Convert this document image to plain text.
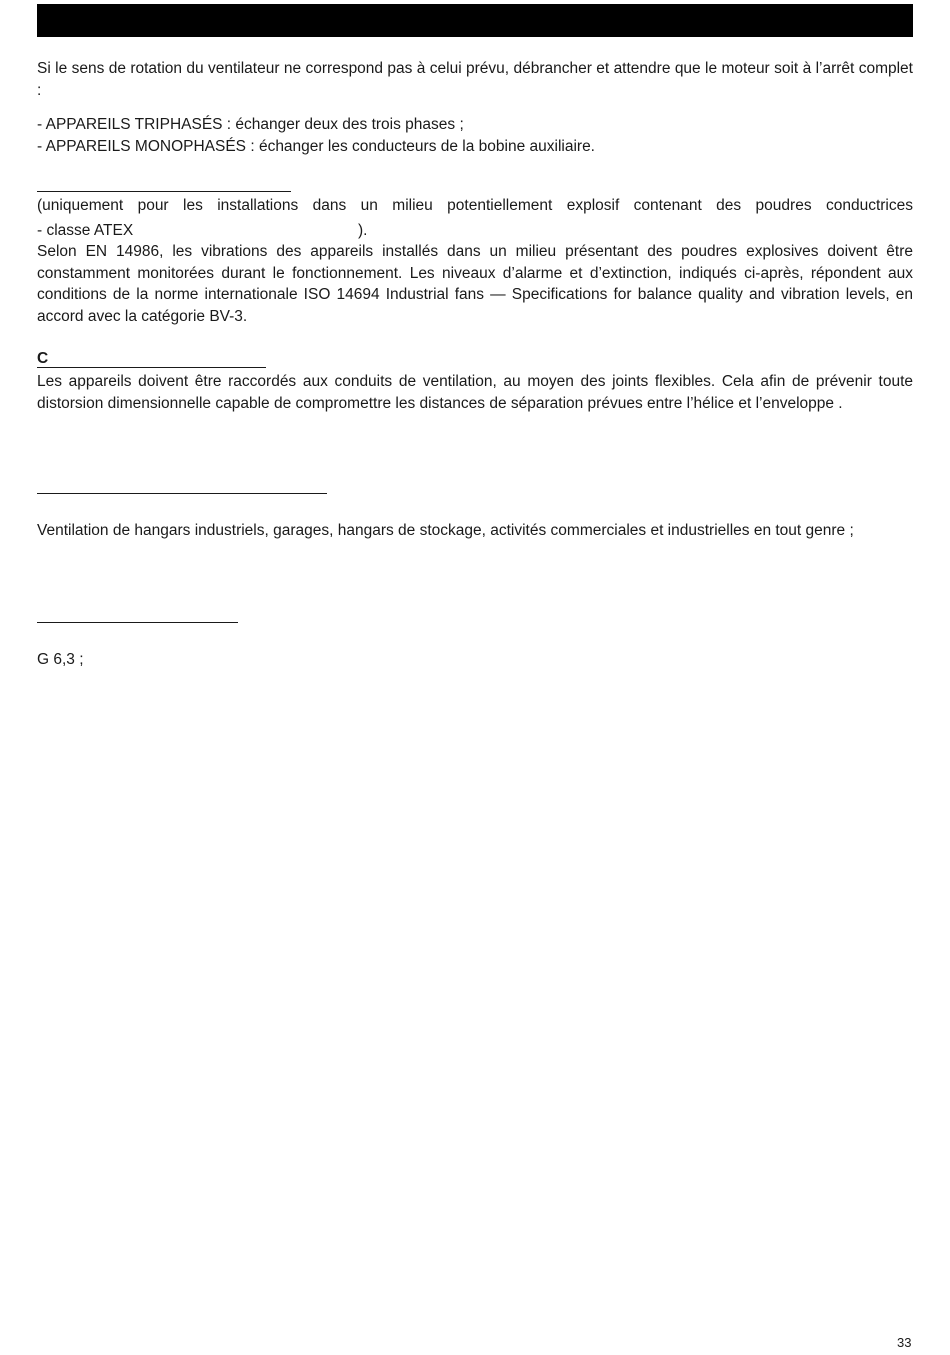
Si le sens de rotation du ventilateur ne correspond pas à celui prévu, débrancher et attendre que le moteur soit à l’arrêt complet :
- APPAREILS TRIPHASÉS : échanger deux des trois phases ;
- APPAREILS MONOPHASÉS : échanger les conducteurs de la bobine auxiliaire.
(uniquement pour les installations dans un milieu potentiellement explosif contenant des poudres conductrices
- classe ATEX	).
Selon EN 14986, les vibrations des appareils installés dans un milieu présentant des poudres explosives doivent être constamment monitorées durant le fonctionnement. Les niveaux d’alarme et d’extinction, indiqués ci-après, répondent aux conditions de la norme internationale ISO 14694 Industrial fans — Specifications for balance quality and vibration levels, en accord avec la catégorie BV-3.
C
Les appareils doivent être raccordés aux conduits de ventilation, au moyen des joints flexibles. Cela afin de prévenir toute distorsion dimensionnelle capable de compromettre les distances de séparation prévues entre l’hélice et l’enveloppe .
Ventilation de hangars industriels, garages, hangars de stockage, activités commerciales et industrielles en tout genre ;
G 6,3 ;
33
